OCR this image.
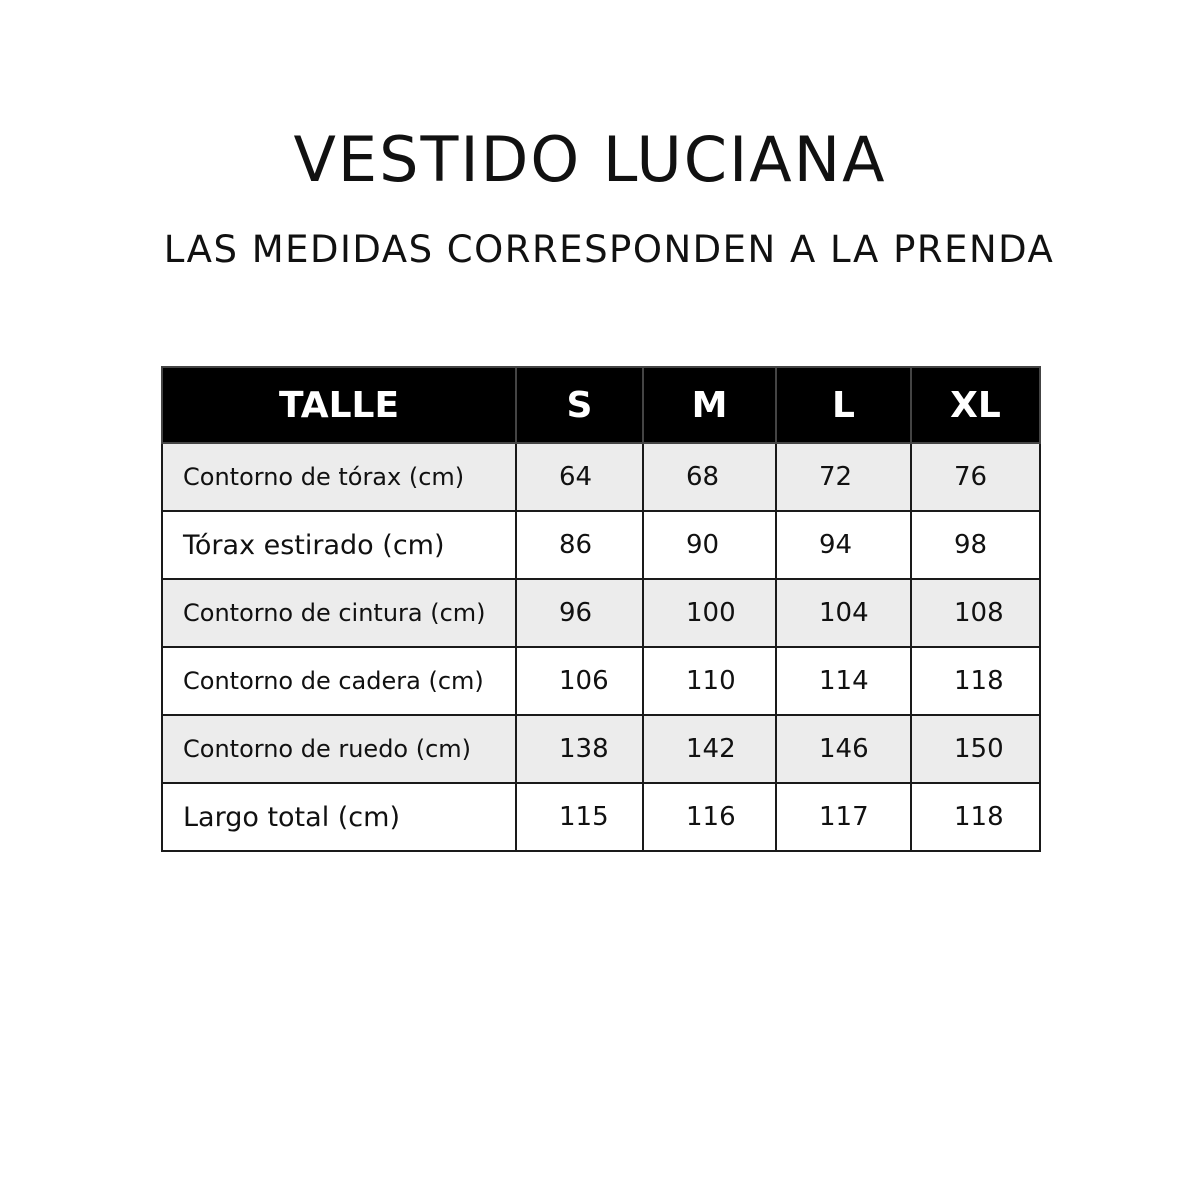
VESTIDO LUCIANA
LAS MEDIDAS CORRESPONDEN A LA PRENDA
TALLE	S	M	L	XL
Contorno de tórax (cm)	64	68	72	76
Tórax estirado (cm)	86	90	94	98
Contorno de cintura (cm)	96	100	104	108
Contorno de cadera (cm)	106	110	114	118
Contorno de ruedo (cm)	138	142	146	150
Largo total (cm)	115	116	117	118
